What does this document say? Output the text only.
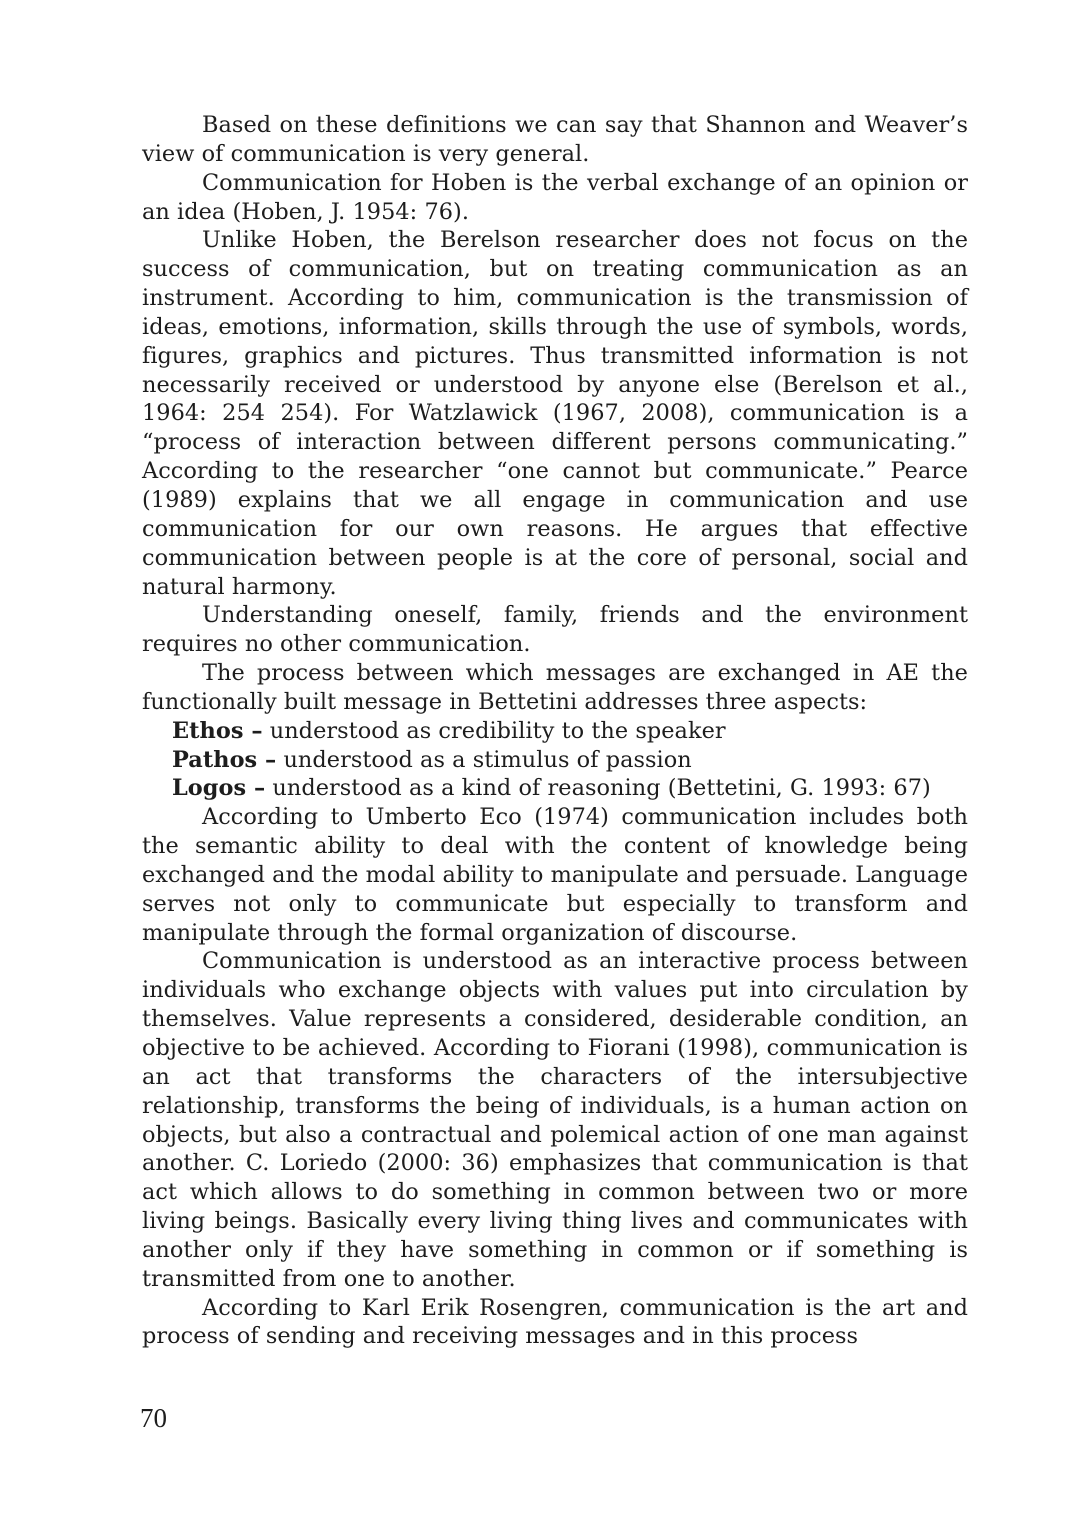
Based on these definitions we can say that Shannon and Weaver’s view of communication is very general.

Communication for Hoben is the verbal exchange of an opinion or an idea (Hoben, J. 1954: 76).

Unlike Hoben, the Berelson researcher does not focus on the success of communication, but on treating communication as an instrument. According to him, communication is the transmission of ideas, emotions, information, skills through the use of symbols, words, figures, graphics and pictures. Thus transmitted information is not necessarily received or understood by anyone else (Berelson et al., 1964: 254 254). For Watzlawick (1967, 2008), communication is a “process of interaction between different persons communicating.” According to the researcher “one cannot but communicate.” Pearce (1989) explains that we all engage in communication and use communication for our own reasons. He argues that effective communication between people is at the core of personal, social and natural harmony.

Understanding oneself, family, friends and the environment requires no other communication.

The process between which messages are exchanged in AE the functionally built message in Bettetini addresses three aspects:

Ethos – understood as credibility to the speaker

Pathos – understood as a stimulus of passion

Logos – understood as a kind of reasoning (Bettetini, G. 1993: 67)

According to Umberto Eco (1974) communication includes both the semantic ability to deal with the content of knowledge being exchanged and the modal ability to manipulate and persuade. Language serves not only to communicate but especially to transform and manipulate through the formal organization of discourse.

Communication is understood as an interactive process between individuals who exchange objects with values put into circulation by themselves. Value represents a considered, desiderable condition, an objective to be achieved. According to Fiorani (1998), communication is an act that transforms the characters of the intersubjective relationship, transforms the being of individuals, is a human action on objects, but also a contractual and polemical action of one man against another. C. Loriedo (2000: 36) emphasizes that communication is that act which allows to do something in common between two or more living beings. Basically every living thing lives and communicates with another only if they have something in common or if something is transmitted from one to another.

According to Karl Erik Rosengren, communication is the art and process of sending and receiving messages and in this process

70
